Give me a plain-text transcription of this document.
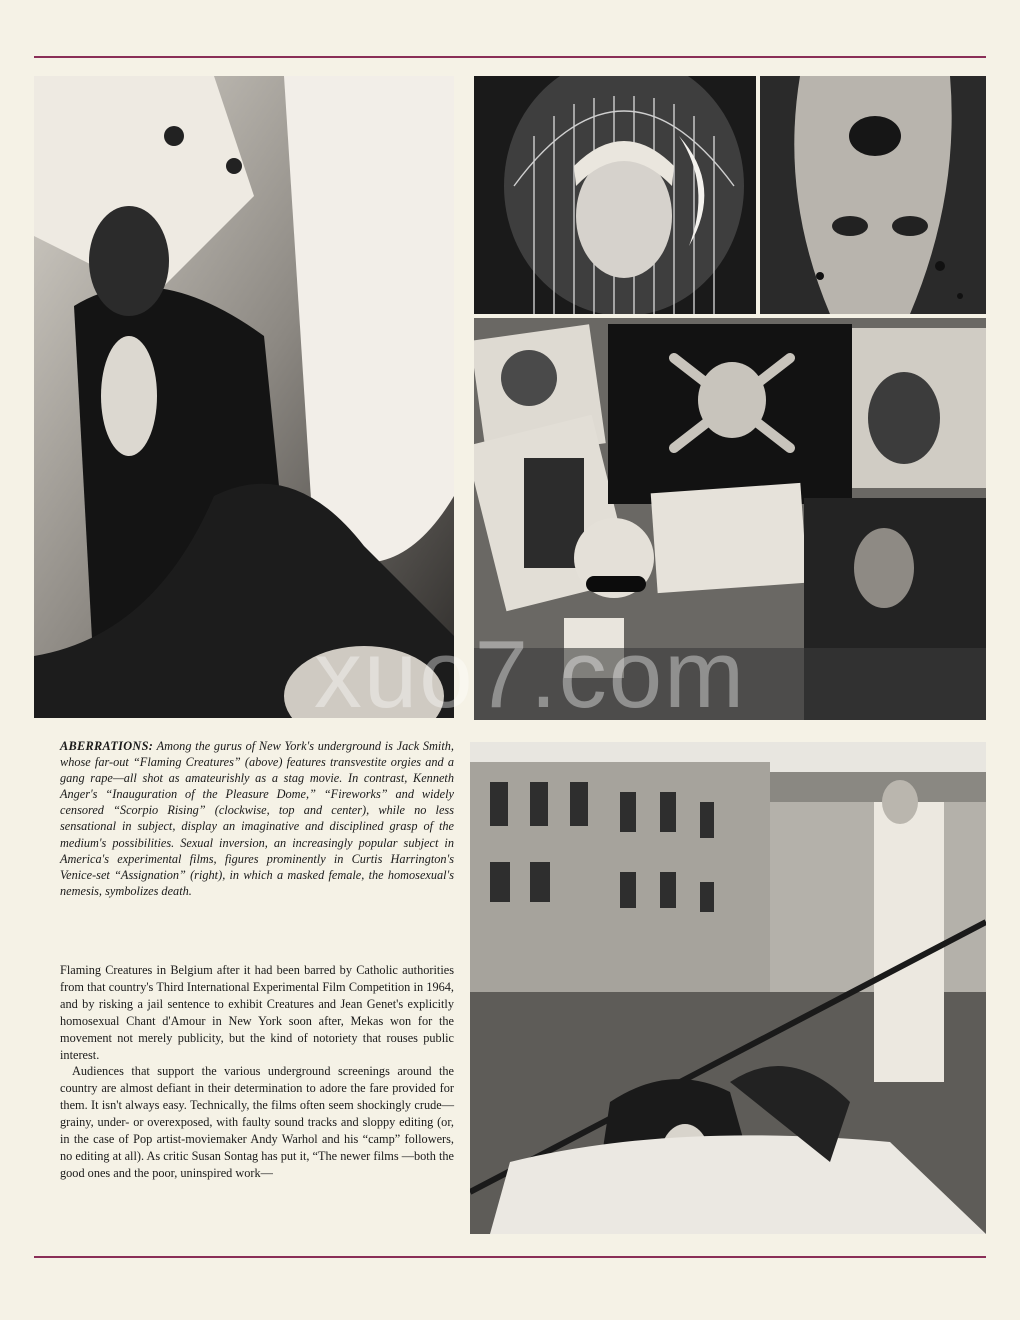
ABERRATIONS: Among the gurus of New York's underground is Jack Smith, whose far-out “Flaming Creatures” (above) features transvestite orgies and a gang rape—all shot as amateurishly as a stag movie. In contrast, Kenneth Anger's “Inauguration of the Pleasure Dome,” “Fireworks” and widely censored “Scorpio Rising” (clockwise, top and center), while no less sensational in subject, display an imaginative and disciplined grasp of the medium's possibilities. Sexual inversion, an increasingly popular subject in America's experimental films, figures prominently in Curtis Harrington's Venice-set “Assignation” (right), in which a masked female, the homosexual's nemesis, symbolizes death.

Flaming Creatures in Belgium after it had been barred by Catholic authorities from that country's Third International Experimental Film Competition in 1964, and by risking a jail sentence to exhibit Creatures and Jean Genet's explicitly homosexual Chant d'Amour in New York soon after, Mekas won for the movement not merely publicity, but the kind of notoriety that rouses public interest.

Audiences that support the various underground screenings around the country are almost defiant in their determination to adore the fare provided for them. It isn't always easy. Technically, the films often seem shockingly crude—grainy, under- or overexposed, with faulty sound tracks and sloppy editing (or, in the case of Pop artist-moviemaker Andy Warhol and his “camp” followers, no editing at all). As critic Susan Sontag has put it, “The newer films —both the good ones and the poor, uninspired work—

xuo7.com
